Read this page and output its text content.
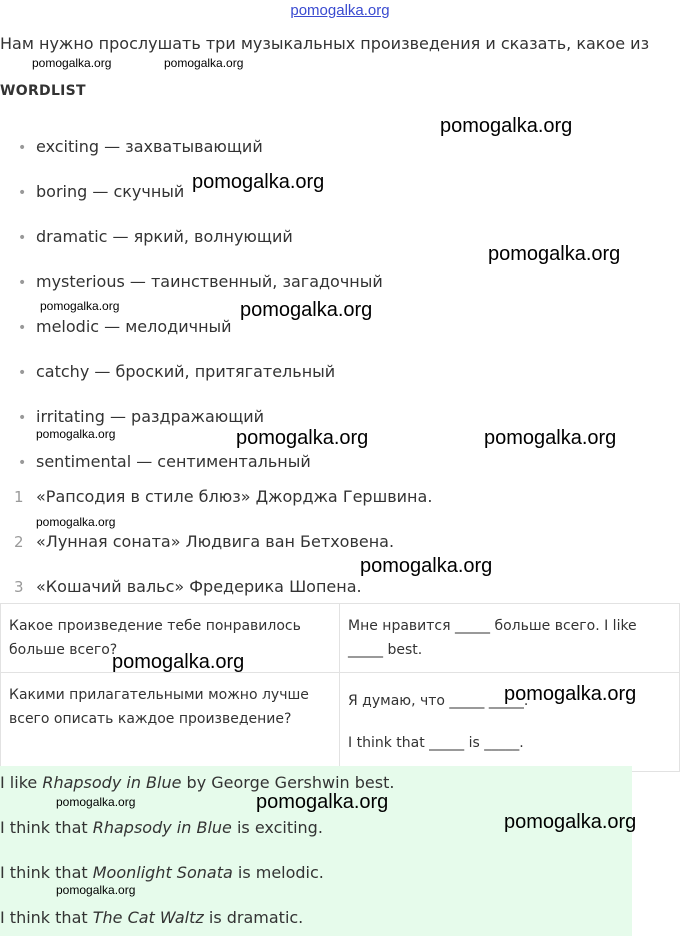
pomogalka.org
Нам нужно прослушать три музыкальных произведения и сказать, какое из
WORDLIST
• exciting — захватывающий
• boring — скучный
• dramatic — яркий, волнующий
• mysterious — таинственный, загадочный
• melodic — мелодичный
• catchy — броский, притягательный
• irritating — раздражающий
• sentimental — сентиментальный
1 «Рапсодия в стиле блюз» Джорджа Гершвина.
2 «Лунная соната» Людвига ван Бетховена.
3 «Кошачий вальс» Фредерика Шопена.
Какое произведение тебе понравилось больше всего?	Мне нравится _____ больше всего. I like _____ best.

Какими прилагательными можно лучше всего описать каждое произведение?	Я думаю, что _____ _____.
I think that _____ is _____.
I like Rhapsody in Blue by George Gershwin best.
I think that Rhapsody in Blue is exciting.
I think that Moonlight Sonata is melodic.
I think that The Cat Waltz is dramatic.
pomogalka.org	pomogalka.org
pomogalka.org
pomogalka.org
pomogalka.org
pomogalka.org	pomogalka.org
pomogalka.org	pomogalka.org	pomogalka.org
pomogalka.org
pomogalka.org
pomogalka.org
pomogalka.org
pomogalka.org	pomogalka.org
pomogalka.org
pomogalka.org
